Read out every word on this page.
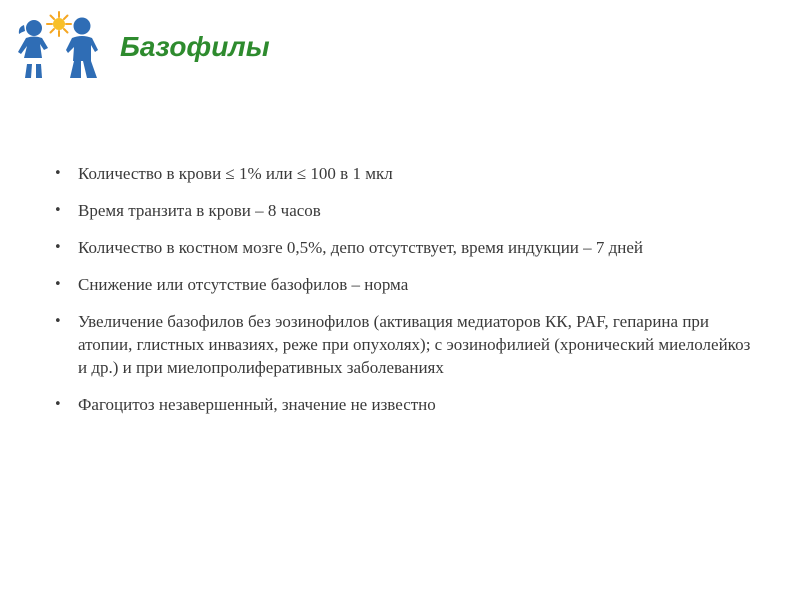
Базофилы
• Количество в крови ≤ 1% или ≤ 100 в 1 мкл
• Время транзита в крови – 8 часов
• Количество в костном мозге 0,5%, депо отсутствует, время индукции – 7 дней
• Снижение или отсутствие базофилов – норма
• Увеличение базофилов без эозинофилов (активация медиаторов КК, PAF, гепарина при атопии, глистных инвазиях, реже при опухолях); с эозинофилией (хронический миелолейкоз и др.) и при миелопролиферативных заболеваниях
• Фагоцитоз незавершенный, значение не известно
